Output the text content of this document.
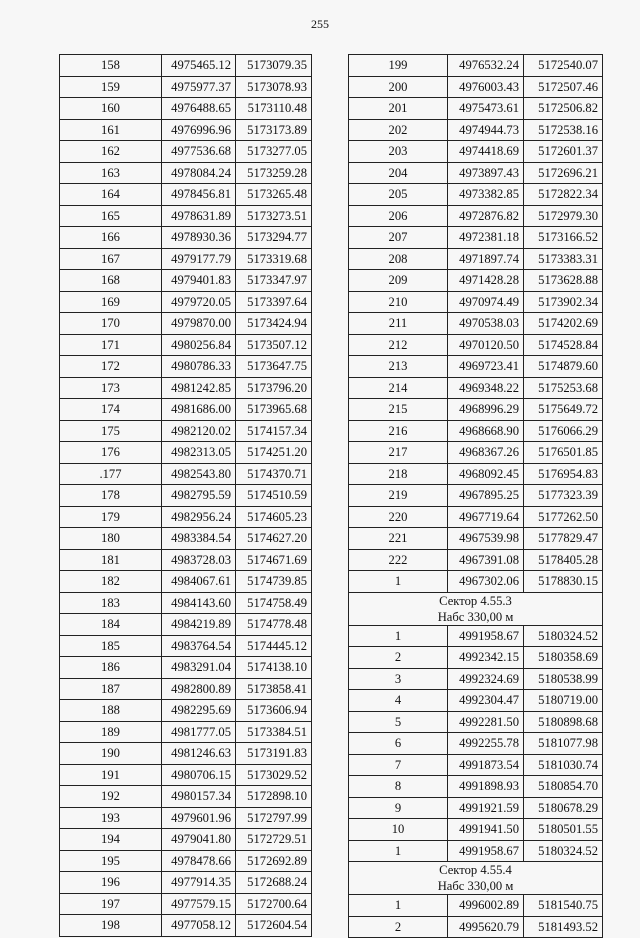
255
158	4975465.12	5173079.35
159	4975977.37	5173078.93
160	4976488.65	5173110.48
161	4976996.96	5173173.89
162	4977536.68	5173277.05
163	4978084.24	5173259.28
164	4978456.81	5173265.48
165	4978631.89	5173273.51
166	4978930.36	5173294.77
167	4979177.79	5173319.68
168	4979401.83	5173347.97
169	4979720.05	5173397.64
170	4979870.00	5173424.94
171	4980256.84	5173507.12
172	4980786.33	5173647.75
173	4981242.85	5173796.20
174	4981686.00	5173965.68
175	4982120.02	5174157.34
176	4982313.05	5174251.20
.177	4982543.80	5174370.71
178	4982795.59	5174510.59
179	4982956.24	5174605.23
180	4983384.54	5174627.20
181	4983728.03	5174671.69
182	4984067.61	5174739.85
183	4984143.60	5174758.49
184	4984219.89	5174778.48
185	4983764.54	5174445.12
186	4983291.04	5174138.10
187	4982800.89	5173858.41
188	4982295.69	5173606.94
189	4981777.05	5173384.51
190	4981246.63	5173191.83
191	4980706.15	5173029.52
192	4980157.34	5172898.10
193	4979601.96	5172797.99
194	4979041.80	5172729.51
195	4978478.66	5172692.89
196	4977914.35	5172688.24
197	4977579.15	5172700.64
198	4977058.12	5172604.54
199	4976532.24	5172540.07
200	4976003.43	5172507.46
201	4975473.61	5172506.82
202	4974944.73	5172538.16
203	4974418.69	5172601.37
204	4973897.43	5172696.21
205	4973382.85	5172822.34
206	4972876.82	5172979.30
207	4972381.18	5173166.52
208	4971897.74	5173383.31
209	4971428.28	5173628.88
210	4970974.49	5173902.34
211	4970538.03	5174202.69
212	4970120.50	5174528.84
213	4969723.41	5174879.60
214	4969348.22	5175253.68
215	4968996.29	5175649.72
216	4968668.90	5176066.29
217	4968367.26	5176501.85
218	4968092.45	5176954.83
219	4967895.25	5177323.39
220	4967719.64	5177262.50
221	4967539.98	5177829.47
222	4967391.08	5178405.28
1	4967302.06	5178830.15

Сектор 4.55.3
Набс 330,00 м		

1	4991958.67	5180324.52
2	4992342.15	5180358.69
3	4992324.69	5180538.99
4	4992304.47	5180719.00
5	4992281.50	5180898.68
6	4992255.78	5181077.98
7	4991873.54	5181030.74
8	4991898.93	5180854.70
9	4991921.59	5180678.29
10	4991941.50	5180501.55
1	4991958.67	5180324.52

Сектор 4.55.4
Набс 330,00 м		

1	4996002.89	5181540.75
2	4995620.79	5181493.52
